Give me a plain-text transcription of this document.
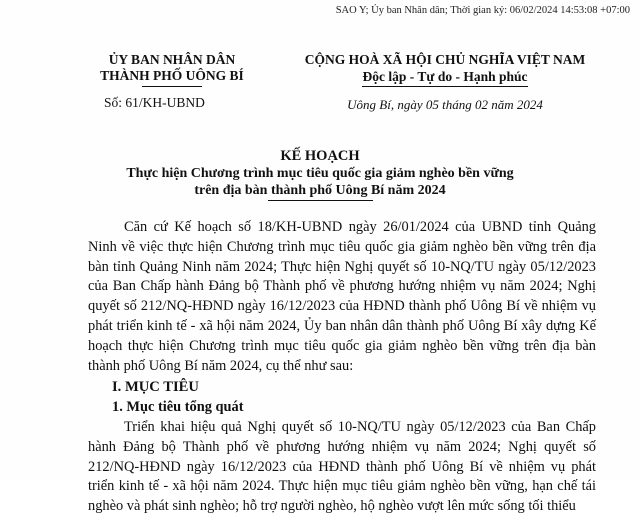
SAO Y; Ủy ban Nhân dân; Thời gian ký: 06/02/2024 14:53:08 +07:00
ỦY BAN NHÂN DÂN
THÀNH PHỐ UÔNG BÍ
Số: 61/KH-UBND
CỘNG HOÀ XÃ HỘI CHỦ NGHĨA VIỆT NAM
Độc lập - Tự do - Hạnh phúc
Uông Bí, ngày 05 tháng 02 năm 2024
KẾ HOẠCH
Thực hiện Chương trình mục tiêu quốc gia giảm nghèo bền vững
trên địa bàn thành phố Uông Bí năm 2024

Căn cứ Kế hoạch số 18/KH-UBND ngày 26/01/2024 của UBND tỉnh Quảng Ninh về việc thực hiện Chương trình mục tiêu quốc gia giảm nghèo bền vững trên địa bàn tỉnh Quảng Ninh năm 2024; Thực hiện Nghị quyết số 10-NQ/TU ngày 05/12/2023 của Ban Chấp hành Đảng bộ Thành phố về phương hướng nhiệm vụ năm 2024; Nghị quyết số 212/NQ-HĐND ngày 16/12/2023 của HĐND thành phố Uông Bí về nhiệm vụ phát triển kinh tế - xã hội năm 2024, Ủy ban nhân dân thành phố Uông Bí xây dựng Kế hoạch thực hiện Chương trình mục tiêu quốc gia giảm nghèo bền vững trên địa bàn thành phố Uông Bí năm 2024, cụ thể như sau:

I. MỤC TIÊU

1. Mục tiêu tổng quát

Triển khai hiệu quả Nghị quyết số 10-NQ/TU ngày 05/12/2023 của Ban Chấp hành Đảng bộ Thành phố về phương hướng nhiệm vụ năm 2024; Nghị quyết số 212/NQ-HĐND ngày 16/12/2023 của HĐND thành phố Uông Bí về nhiệm vụ phát triển kinh tế - xã hội năm 2024. Thực hiện mục tiêu giảm nghèo bền vững, hạn chế tái nghèo và phát sinh nghèo; hỗ trợ người nghèo, hộ nghèo vượt lên mức sống tối thiểu
